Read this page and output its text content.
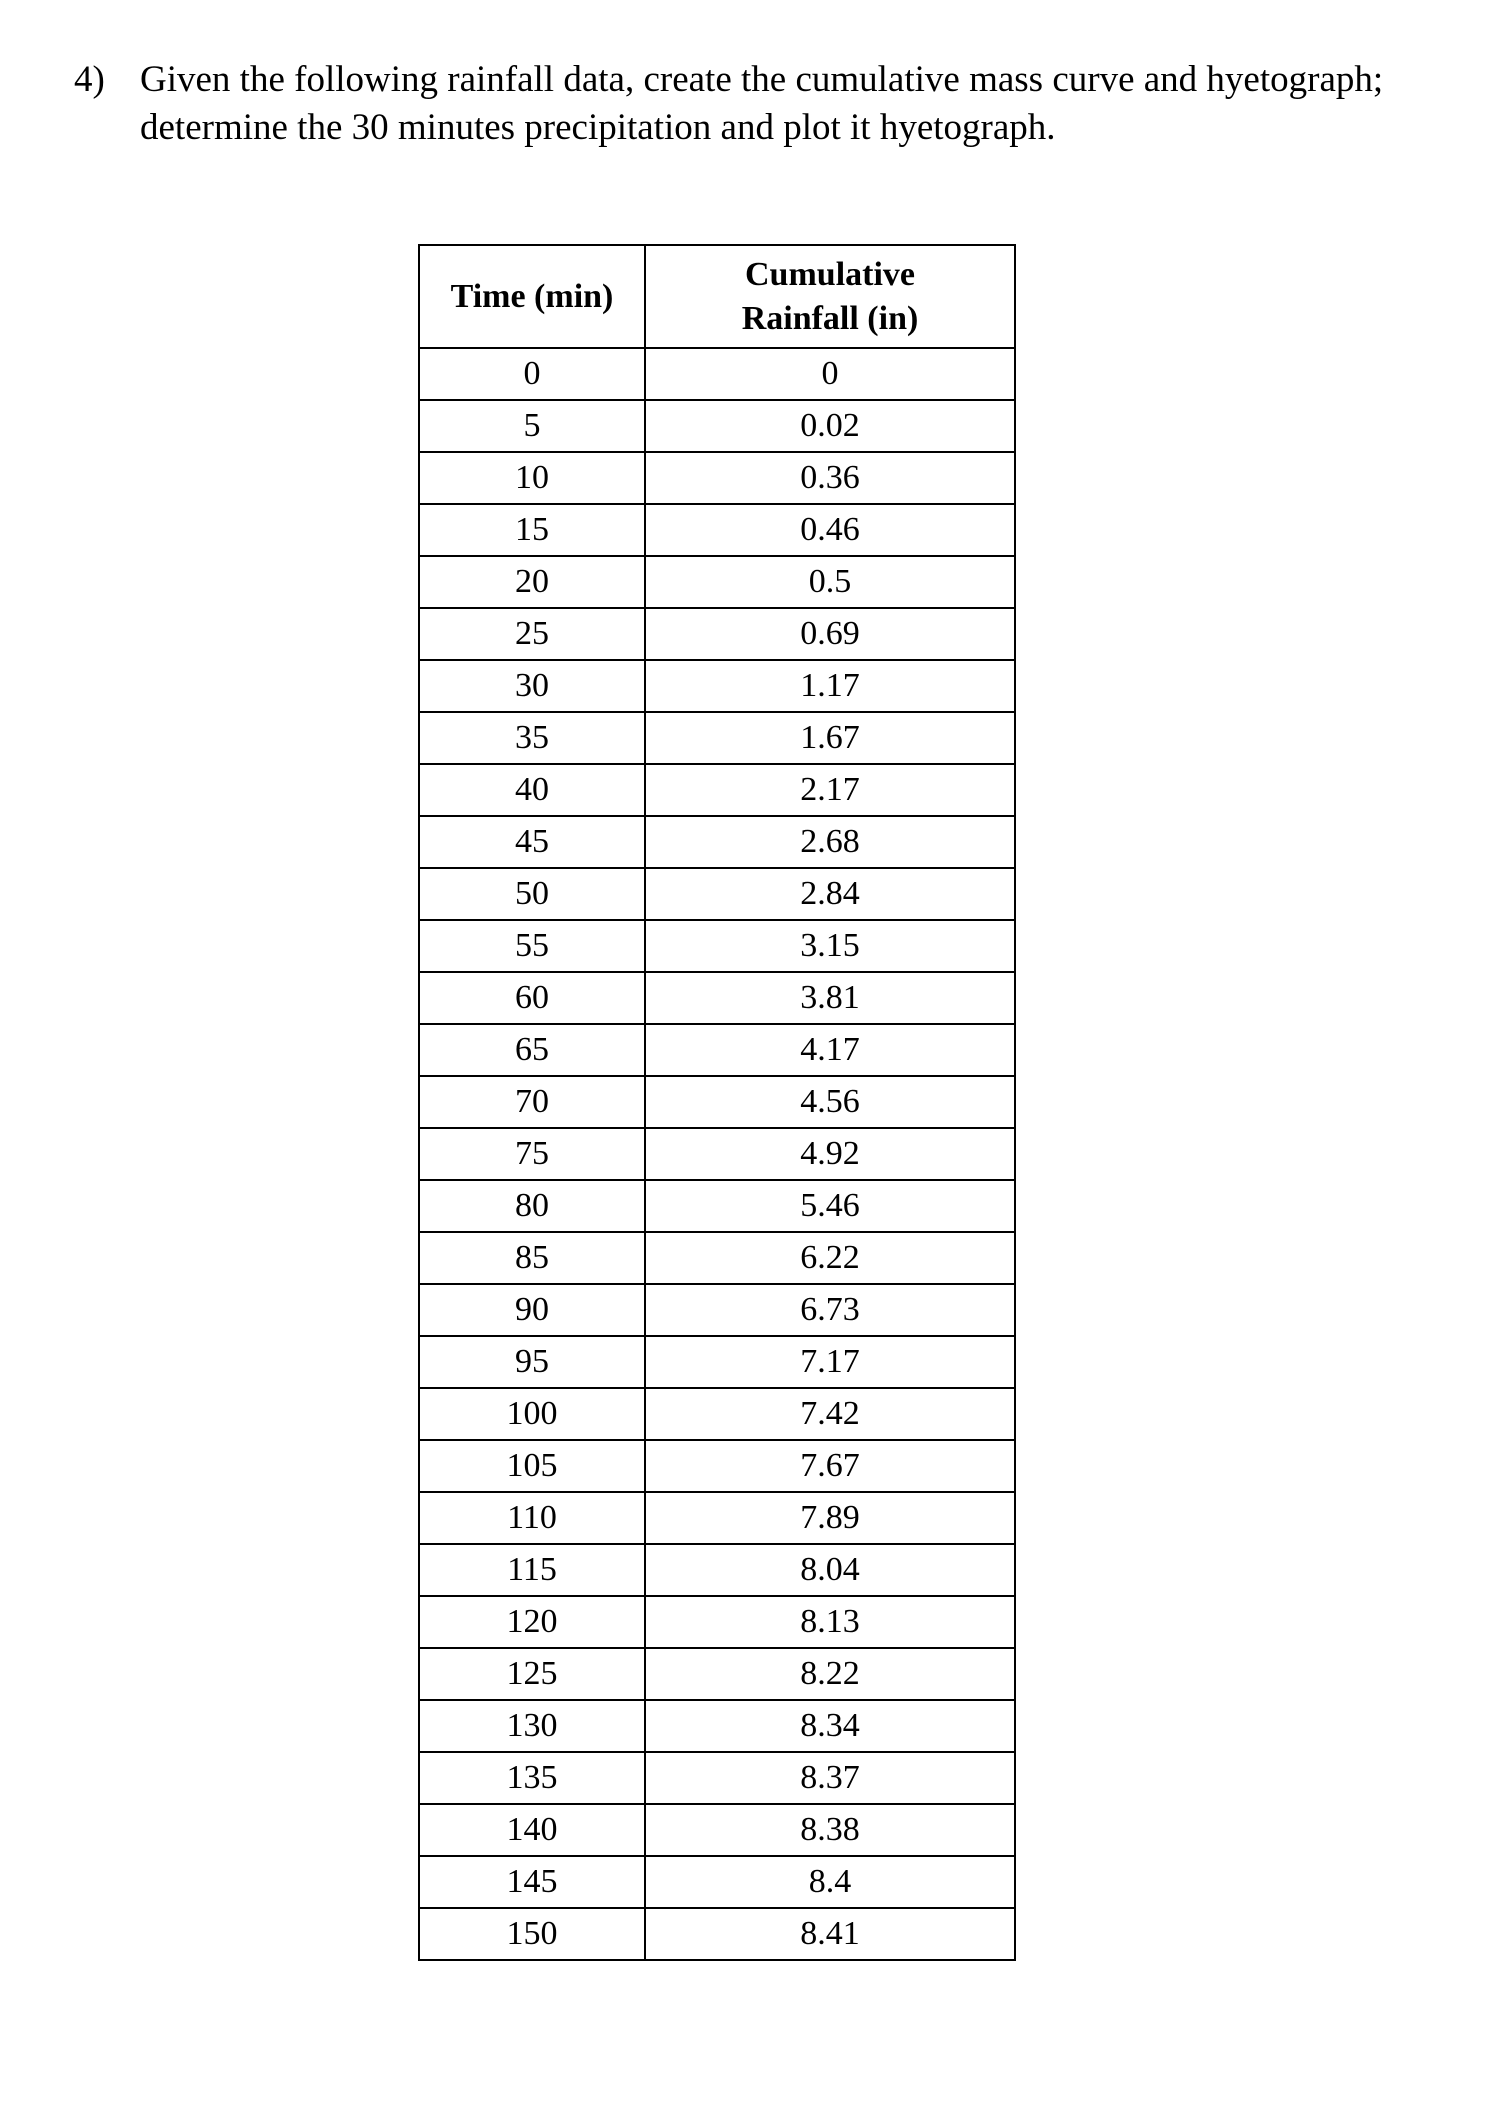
4) Given the following rainfall data, create the cumulative mass curve and hyetograph;
determine the 30 minutes precipitation and plot it hyetograph.
Time (min)	Cumulative
Rainfall (in)

0	0
5	0.02
10	0.36
15	0.46
20	0.5
25	0.69
30	1.17
35	1.67
40	2.17
45	2.68
50	2.84
55	3.15
60	3.81
65	4.17
70	4.56
75	4.92
80	5.46
85	6.22
90	6.73
95	7.17
100	7.42
105	7.67
110	7.89
115	8.04
120	8.13
125	8.22
130	8.34
135	8.37
140	8.38
145	8.4
150	8.41
